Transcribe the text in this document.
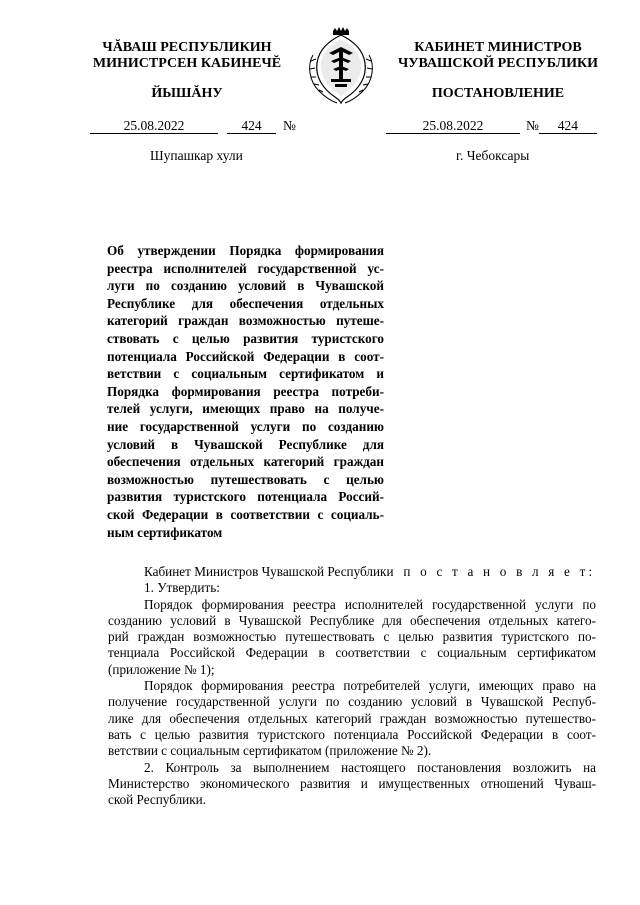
ЧĂВАШ РЕСПУБЛИКИН
МИНИСТРСЕН КАБИНЕЧĔ
КАБИНЕТ МИНИСТРОВ
ЧУВАШСКОЙ РЕСПУБЛИКИ
ЙЫШĂНУ	ПОСТАНОВЛЕНИЕ
25.08.2022	424 №	25.08.2022	№ 424
Шупашкар хули	г. Чебоксары
Об утверждении Порядка формирования
реестра исполнителей государственной ус-
луги по созданию условий в Чувашской
Республике для обеспечения отдельных
категорий граждан возможностью путеше-
ствовать с целью развития туристского
потенциала Российской Федерации в соот-
ветствии с социальным сертификатом и
Порядка формирования реестра потреби-
телей услуги, имеющих право на получе-
ние государственной услуги по созданию
условий в Чувашской Республике для
обеспечения отдельных категорий граждан
возможностью путешествовать с целью
развития туристского потенциала Россий-
ской Федерации в соответствии с социаль-
ным сертификатом
Кабинет Министров Чувашской Республики п о с т а н о в л я е т:
1. Утвердить:
Порядок формирования реестра исполнителей государственной услуги по
созданию условий в Чувашской Республике для обеспечения отдельных катего-
рий граждан возможностью путешествовать с целью развития туристского по-
тенциала Российской Федерации в соответствии с социальным сертификатом
(приложение № 1);
Порядок формирования реестра потребителей услуги, имеющих право на
получение государственной услуги по созданию условий в Чувашской Респуб-
лике для обеспечения отдельных категорий граждан возможностью путешество-
вать с целью развития туристского потенциала Российской Федерации в соот-
ветствии с социальным сертификатом (приложение № 2).
2. Контроль за выполнением настоящего постановления возложить на
Министерство экономического развития и имущественных отношений Чуваш-
ской Республики.
